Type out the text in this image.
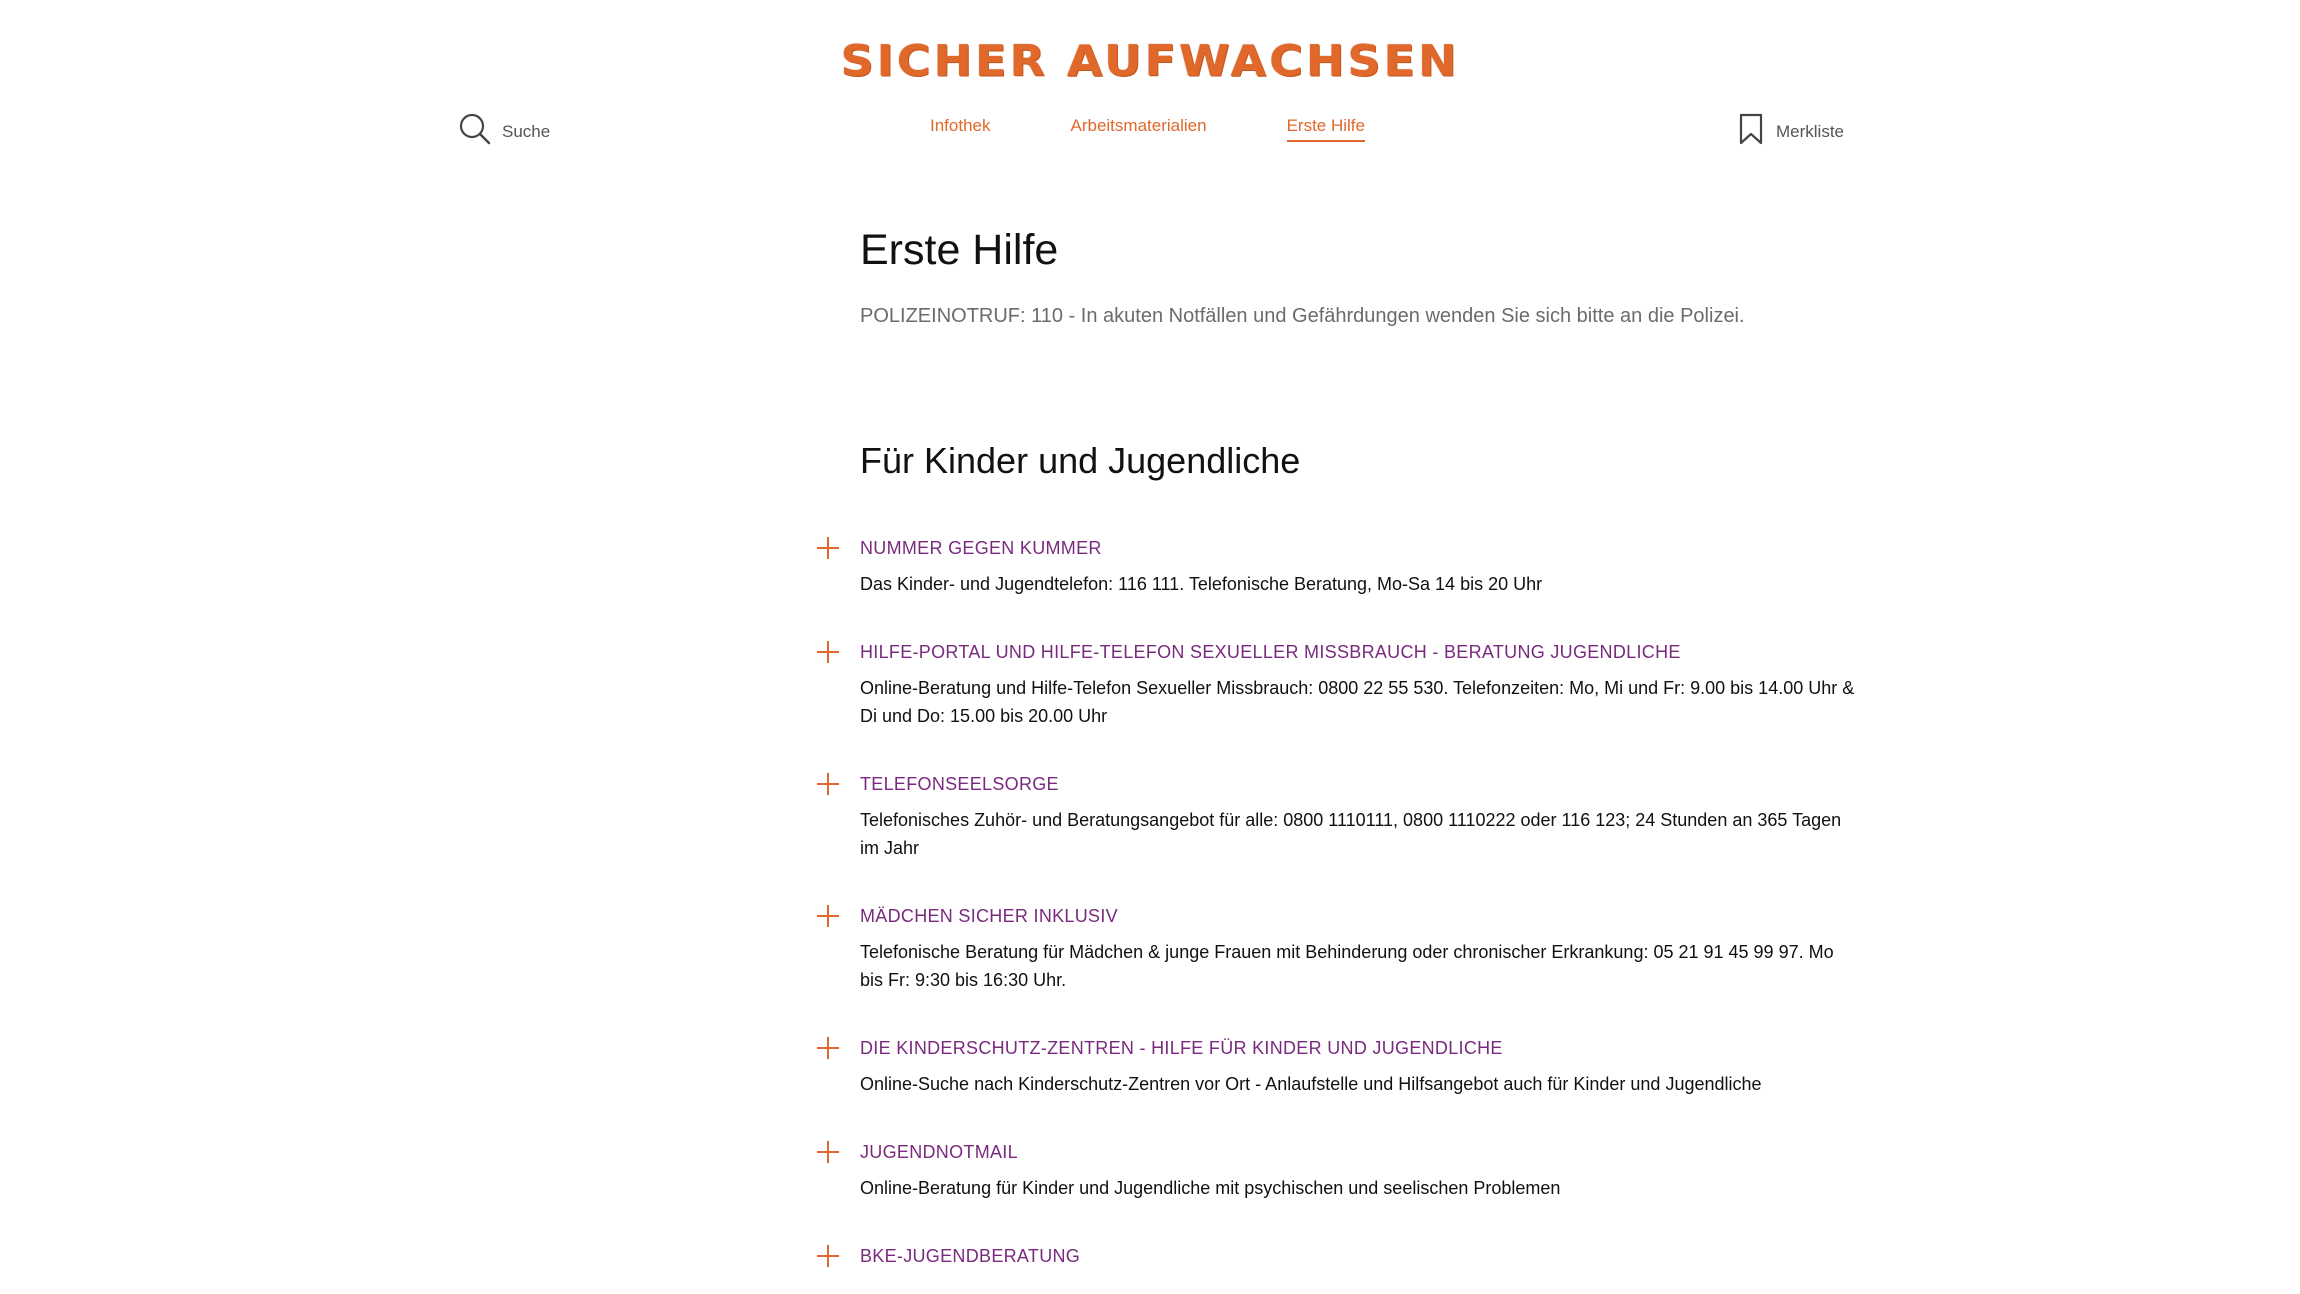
SICHER AUFWACHSEN
Suche	Infothek	Arbeitsmaterialien	Erste Hilfe	Merkliste
Erste Hilfe
POLIZEINOTRUF: 110 - In akuten Notfällen und Gefährdungen wenden Sie sich bitte an die Polizei.
Für Kinder und Jugendliche
NUMMER GEGEN KUMMER
Das Kinder- und Jugendtelefon: 116 111. Telefonische Beratung, Mo-Sa 14 bis 20 Uhr
HILFE-PORTAL UND HILFE-TELEFON SEXUELLER MISSBRAUCH - BERATUNG JUGENDLICHE
Online-Beratung und Hilfe-Telefon Sexueller Missbrauch: 0800 22 55 530. Telefonzeiten: Mo, Mi und Fr: 9.00 bis 14.00 Uhr & Di und Do: 15.00 bis 20.00 Uhr
TELEFONSEELSORGE
Telefonisches Zuhör- und Beratungsangebot für alle: 0800 1110111, 0800 1110222 oder 116 123; 24 Stunden an 365 Tagen im Jahr
MÄDCHEN SICHER INKLUSIV
Telefonische Beratung für Mädchen & junge Frauen mit Behinderung oder chronischer Erkrankung: 05 21 91 45 99 97. Mo bis Fr: 9:30 bis 16:30 Uhr.
DIE KINDERSCHUTZ-ZENTREN - HILFE FÜR KINDER UND JUGENDLICHE
Online-Suche nach Kinderschutz-Zentren vor Ort - Anlaufstelle und Hilfsangebot auch für Kinder und Jugendliche
JUGENDNOTMAIL
Online-Beratung für Kinder und Jugendliche mit psychischen und seelischen Problemen
BKE-JUGENDBERATUNG
